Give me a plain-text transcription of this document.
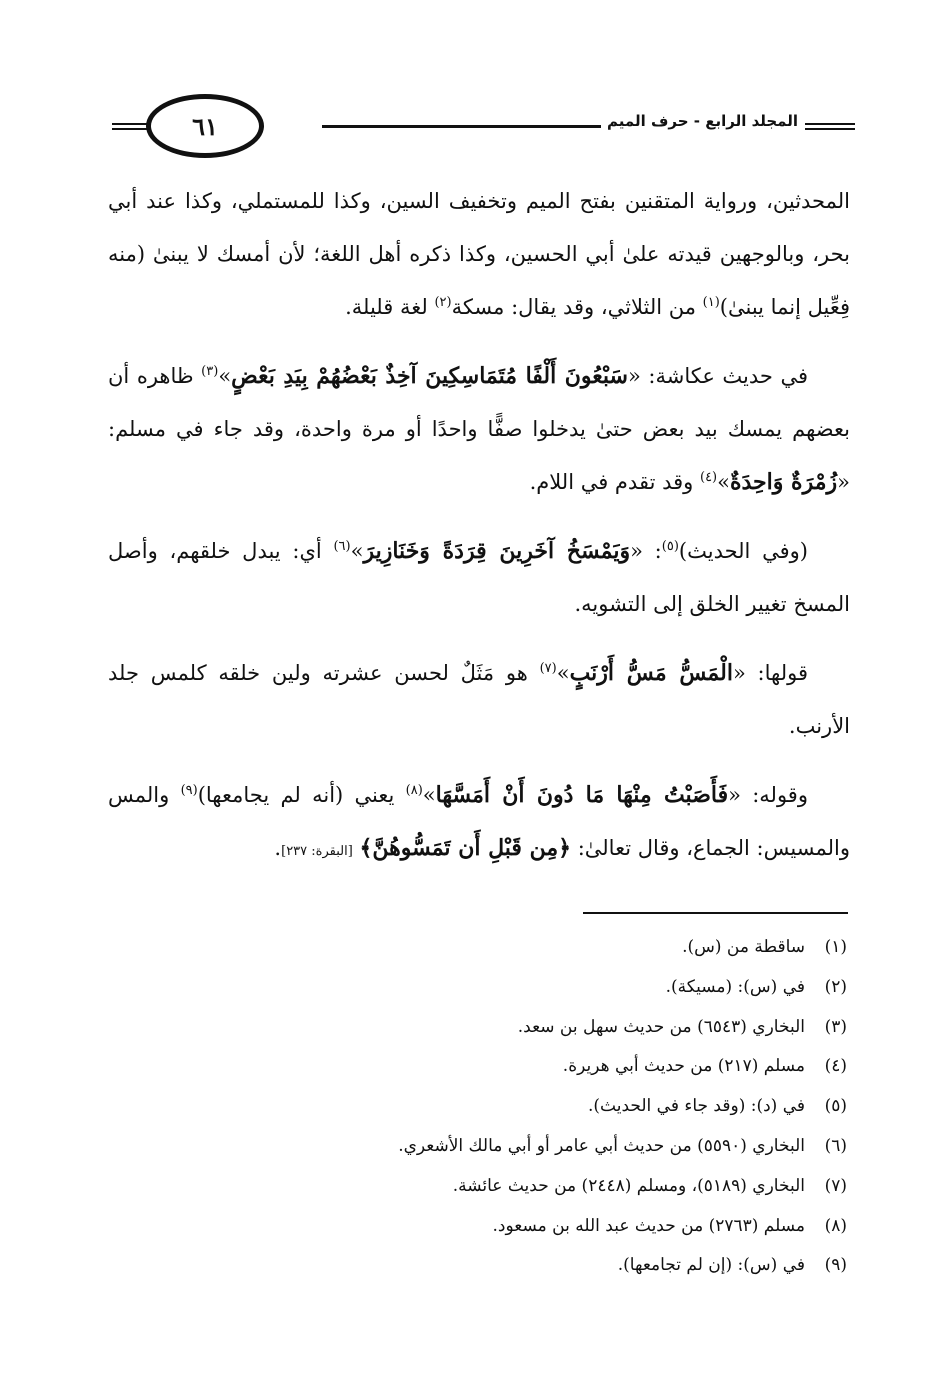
٦١	المجلد الرابع - حرف الميم

المحدثين، ورواية المتقنين بفتح الميم وتخفيف السين، وكذا للمستملي، وكذا عند أبي بحر، وبالوجهين قيدته علىٰ أبي الحسين، وكذا ذكره أهل اللغة؛ لأن أمسك لا يبنىٰ (منه فِعِّيل إنما يبنىٰ)$^{(١)}$ من الثلاثي، وقد يقال: مسكة$^{(٢)}$ لغة قليلة.

في حديث عكاشة: «سَبْعُونَ أَلْفًا مُتَمَاسِكِينَ آخِذٌ بَعْضُهُمْ بِيَدِ بَعْضٍ»$^{(٣)}$ ظاهره أن بعضهم يمسك بيد بعض حتىٰ يدخلوا صفًّا واحدًا أو مرة واحدة، وقد جاء في مسلم: «زُمْرَةٌ وَاحِدَةٌ»$^{(٤)}$ وقد تقدم في اللام.

(وفي الحديث)$^{(٥)}$: «وَيَمْسَخُ آخَرِينَ قِرَدَةً وَخَنَازِيرَ»$^{(٦)}$ أي: يبدل خلقهم، وأصل المسخ تغيير الخلق إلى التشويه.

قولها: «الْمَسُّ مَسُّ أَرْنَبٍ»$^{(٧)}$ هو مَثَلٌ لحسن عشرته ولين خلقه كلمس جلد الأرنب.

وقوله: «فَأَصَبْتُ مِنْهَا مَا دُونَ أَنْ أَمَسَّهَا»$^{(٨)}$ يعني (أنه لم يجامعها)$^{(٩)}$ والمس والمسيس: الجماع، وقال تعالىٰ: ﴿مِن قَبْلِ أَن تَمَسُّوهُنَّ﴾ [البقرة: ٢٣٧].

(١)
ساقطة من (س).
(٢)
في (س): (مسيكة).
(٣)
البخاري (٦٥٤٣) من حديث سهل بن سعد.
(٤)
مسلم (٢١٧) من حديث أبي هريرة.
(٥)
في (د): (وقد جاء في الحديث).
(٦)
البخاري (٥٥٩٠) من حديث أبي عامر أو أبي مالك الأشعري.
(٧)
البخاري (٥١٨٩)، ومسلم (٢٤٤٨) من حديث عائشة.
(٨)
مسلم (٢٧٦٣) من حديث عبد الله بن مسعود.
(٩)
في (س): (إن لم تجامعها).
